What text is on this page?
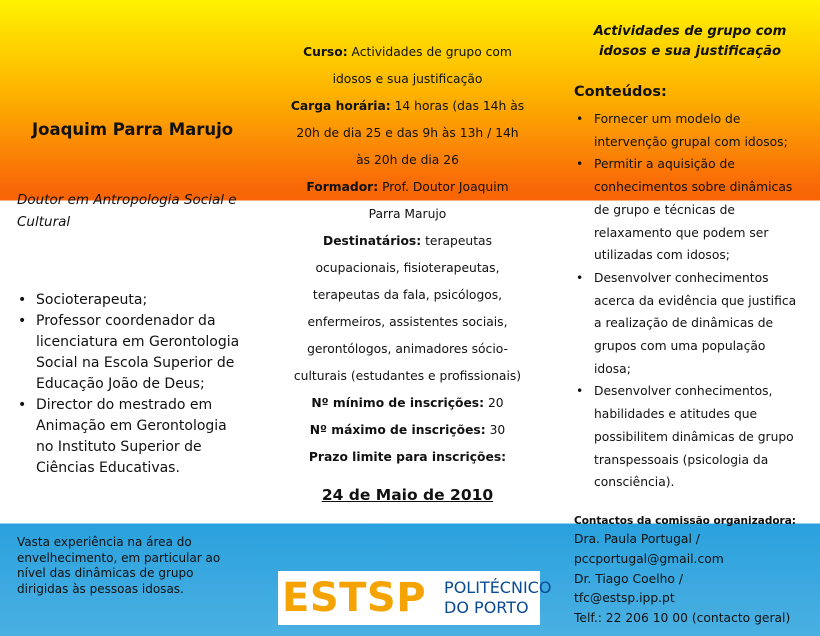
Joaquim Parra Marujo

Doutor em Antropologia Social e Cultural

• Socioterapeuta;
• Professor coordenador da licenciatura em Gerontologia Social na Escola Superior de Educação João de Deus;
• Director do mestrado em Animação em Gerontologia no Instituto Superior de Ciências Educativas.

Vasta experiência na área do envelhecimento, em particular ao nível das dinâmicas de grupo dirigidas às pessoas idosas.

Curso: Actividades de grupo com idosos e sua justificação
Carga horária: 14 horas (das 14h às 20h de dia 25 e das 9h às 13h / 14h às 20h de dia 26
Formador: Prof. Doutor Joaquim Parra Marujo
Destinatários: terapeutas ocupacionais, fisioterapeutas, terapeutas da fala, psicólogos, enfermeiros, assistentes sociais, gerontólogos, animadores sócio-culturais (estudantes e profissionais)
Nº mínimo de inscrições: 20
Nº máximo de inscrições: 30
Prazo limite para inscrições:

24 de Maio de 2010

ESTSP POLITÉCNICO
DO PORTO
Actividades de grupo com idosos e sua justificação
Conteúdos:
• Fornecer um modelo de intervenção grupal com idosos;
• Permitir a aquisição de conhecimentos sobre dinâmicas de grupo e técnicas de relaxamento que podem ser utilizadas com idosos;
• Desenvolver conhecimentos acerca da evidência que justifica a realização de dinâmicas de grupos com uma população idosa;
• Desenvolver conhecimentos, habilidades e atitudes que possibilitem dinâmicas de grupo transpessoais (psicologia da consciência).
Contactos da comissão organizadora:
Dra. Paula Portugal /
pccportugal@gmail.com
Dr. Tiago Coelho /
tfc@estsp.ipp.pt
Telf.: 22 206 10 00 (contacto geral)
